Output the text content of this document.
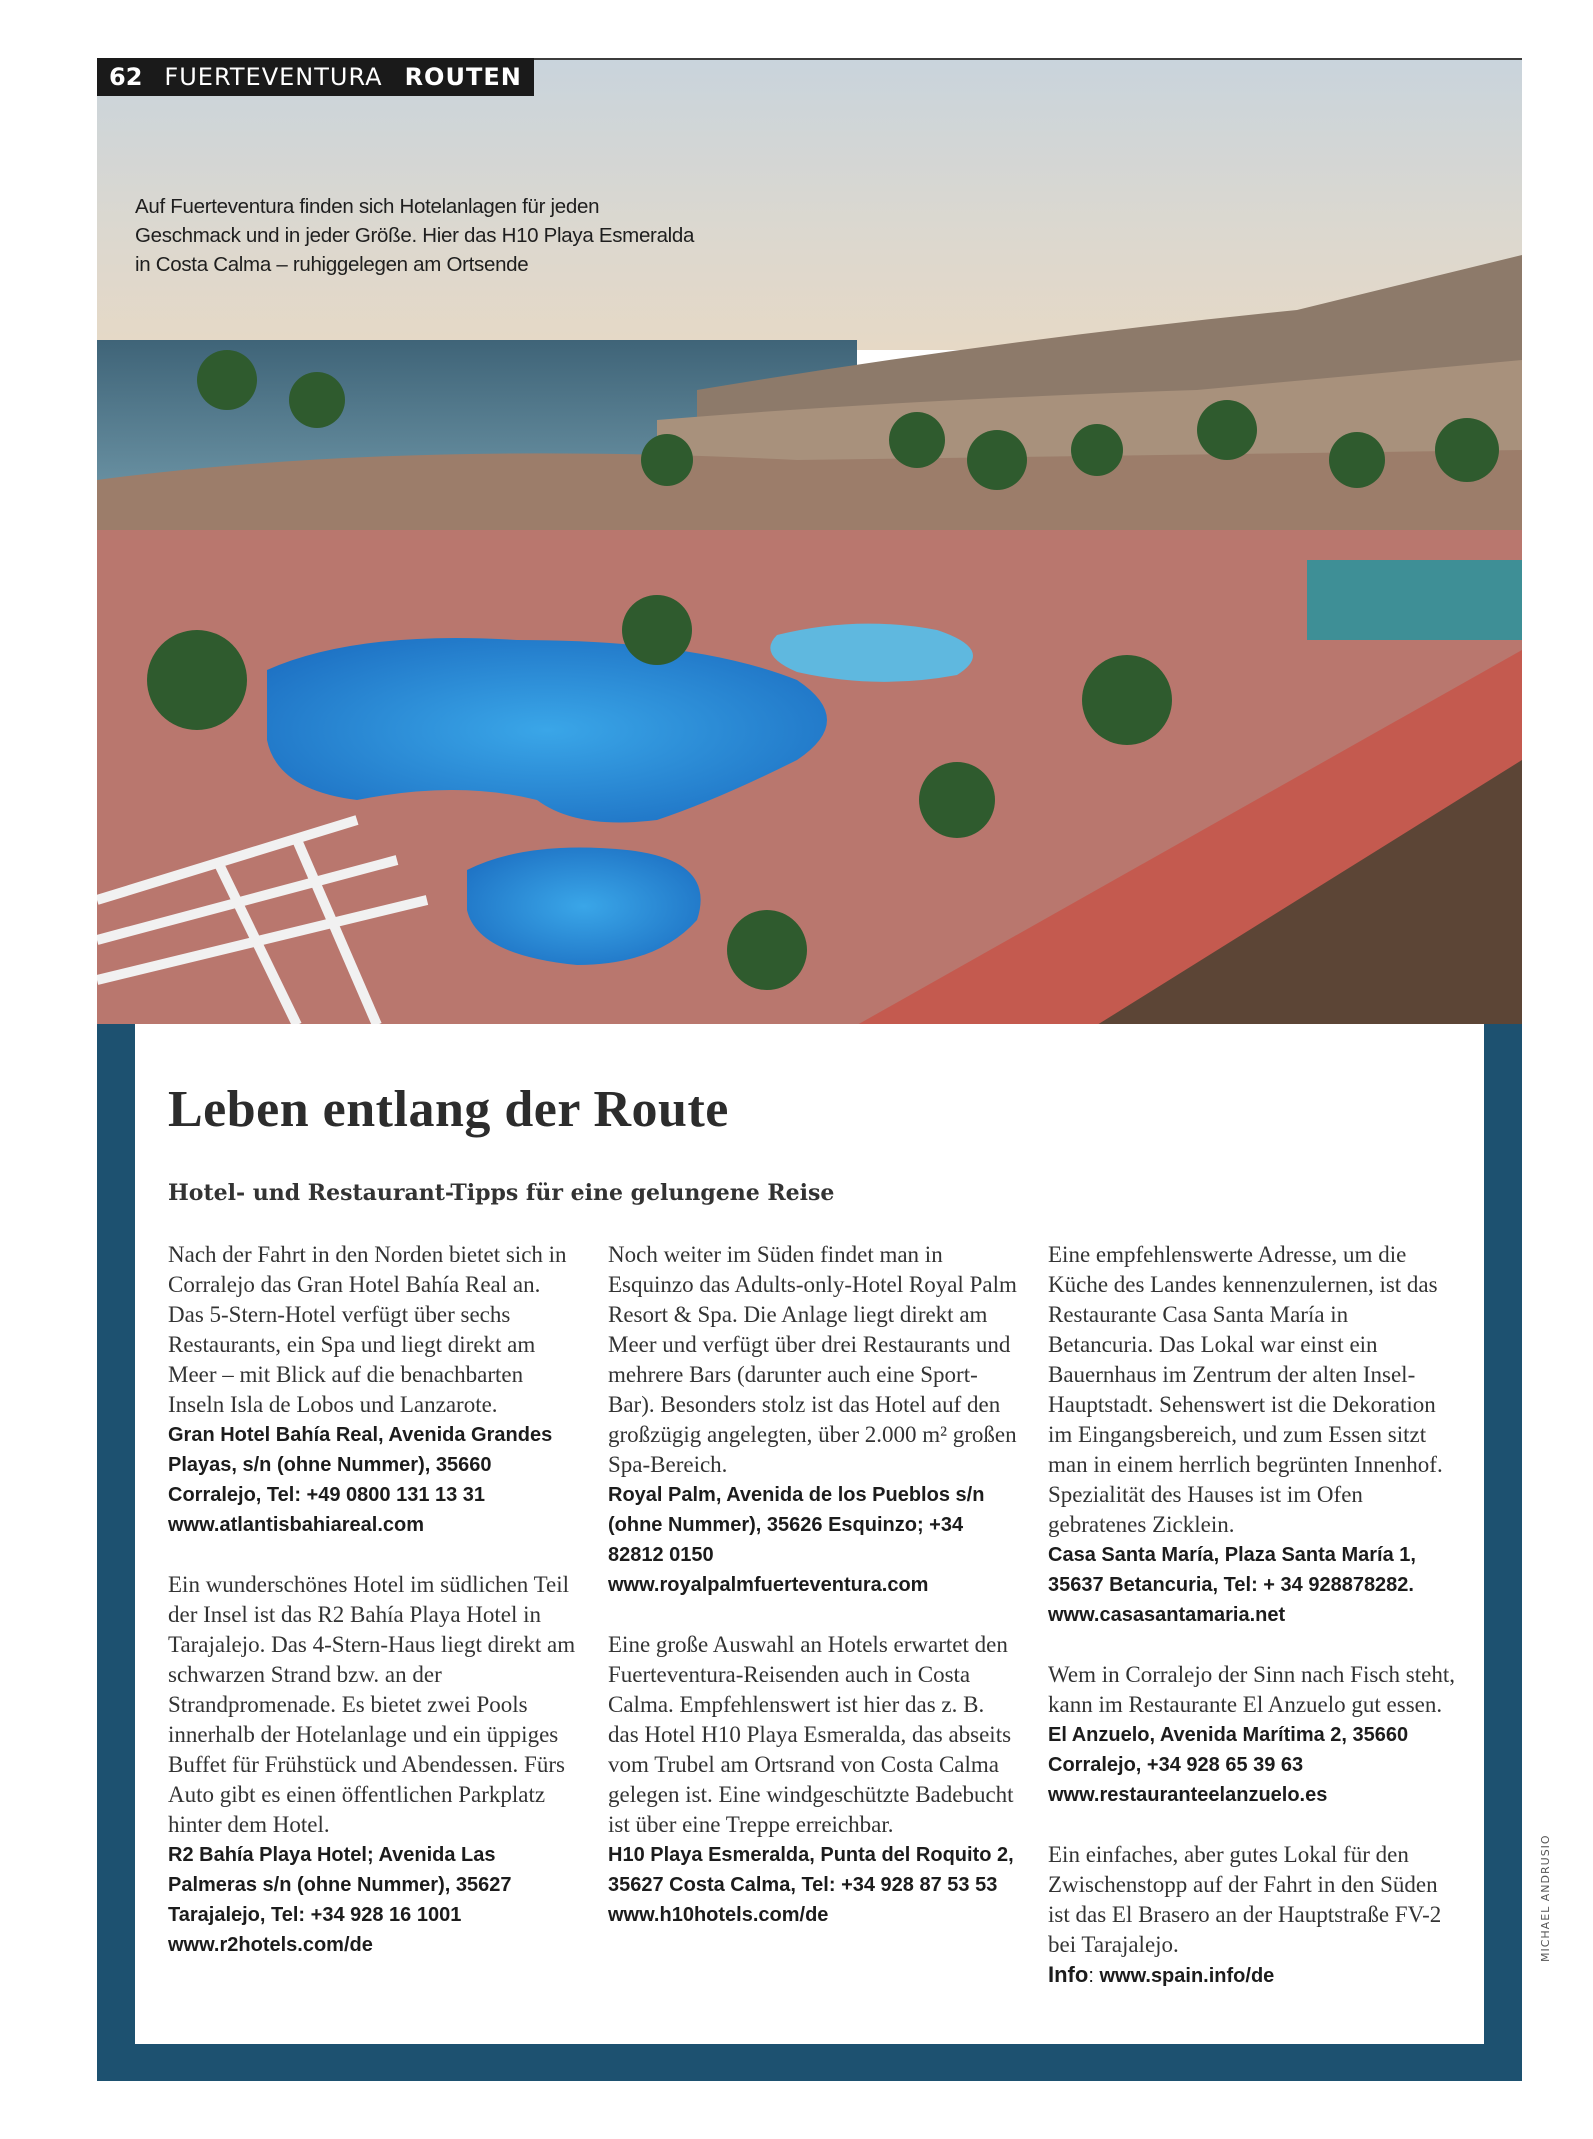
62 FUERTEVENTURA ROUTEN
Auf Fuerteventura finden sich Hotelanlagen für jeden Geschmack und in jeder Größe. Hier das H10 Playa Esmeralda in Costa Calma – ruhiggelegen am Ortsende
Leben entlang der Route
Hotel- und Restaurant-Tipps für eine gelungene Reise

Nach der Fahrt in den Norden bietet sich in Corralejo das Gran Hotel Bahía Real an. Das 5-Stern-Hotel verfügt über sechs Restaurants, ein Spa und liegt direkt am Meer – mit Blick auf die benachbarten Inseln Isla de Lobos und Lanzarote.

Gran Hotel Bahía Real, Avenida Grandes Playas, s/n (ohne Nummer), 35660 Corralejo, Tel: +49 0800 131 13 31 www.atlantisbahiareal.com

Ein wunderschönes Hotel im südlichen Teil der Insel ist das R2 Bahía Playa Hotel in Tarajalejo. Das 4-Stern-Haus liegt direkt am schwarzen Strand bzw. an der Strandpromenade. Es bietet zwei Pools innerhalb der Hotelanlage und ein üppiges Buffet für Frühstück und Abendessen. Fürs Auto gibt es einen öffentlichen Parkplatz hinter dem Hotel.

R2 Bahía Playa Hotel; Avenida Las Palmeras s/n (ohne Nummer), 35627 Tarajalejo, Tel: +34 928 16 1001 www.r2hotels.com/de

Noch weiter im Süden findet man in Esquinzo das Adults-only-Hotel Royal Palm Resort & Spa. Die Anlage liegt direkt am Meer und verfügt über drei Restaurants und mehrere Bars (darunter auch eine Sport-Bar). Besonders stolz ist das Hotel auf den großzügig angelegten, über 2.000 m² großen Spa-Bereich.

Royal Palm, Avenida de los Pueblos s/n (ohne Nummer), 35626 Esquinzo; +34 82812 0150 www.royalpalmfuerteventura.com

Eine große Auswahl an Hotels erwartet den Fuerteventura-Reisenden auch in Costa Calma. Empfehlenswert ist hier das z. B. das Hotel H10 Playa Esmeralda, das abseits vom Trubel am Ortsrand von Costa Calma gelegen ist. Eine windgeschützte Badebucht ist über eine Treppe erreichbar.

H10 Playa Esmeralda, Punta del Roquito 2, 35627 Costa Calma, Tel: +34 928 87 53 53 www.h10hotels.com/de

Eine empfehlenswerte Adresse, um die Küche des Landes kennenzulernen, ist das Restaurante Casa Santa María in Betancuria. Das Lokal war einst ein Bauernhaus im Zentrum der alten Insel-Hauptstadt. Sehenswert ist die Dekoration im Eingangsbereich, und zum Essen sitzt man in einem herrlich begrünten Innenhof. Spezialität des Hauses ist im Ofen gebratenes Zicklein.

Casa Santa María, Plaza Santa María 1, 35637 Betancuria, Tel: + 34 928878282. www.casasantamaria.net

Wem in Corralejo der Sinn nach Fisch steht, kann im Restaurante El Anzuelo gut essen.

El Anzuelo, Avenida Marítima 2, 35660 Corralejo, +34 928 65 39 63 www.restauranteelanzuelo.es

Ein einfaches, aber gutes Lokal für den Zwischenstopp auf der Fahrt in den Süden ist das El Brasero an der Hauptstraße FV-2 bei Tarajalejo.

Info: www.spain.info/de

MICHAEL ANDRUSIO
